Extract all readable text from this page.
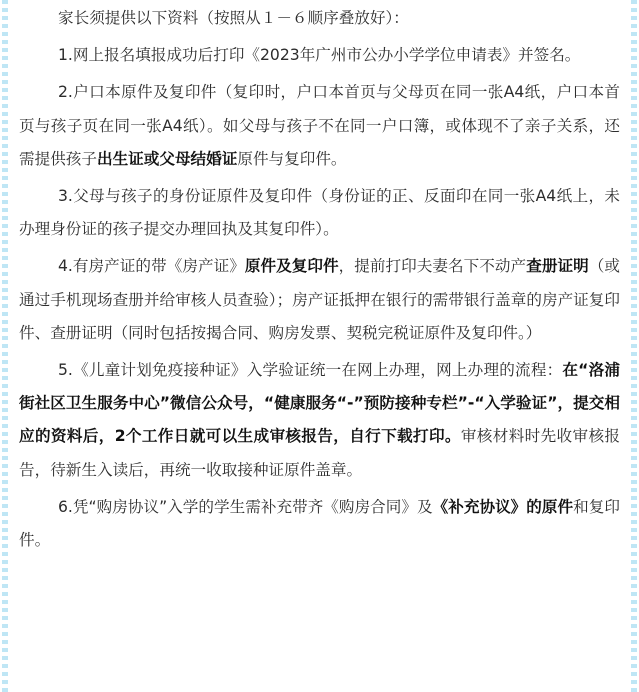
家长须提供以下资料（按照从１－６顺序叠放好）：

1.网上报名填报成功后打印《2023年广州市公办小学学位申请表》并签名。

2.户口本原件及复印件（复印时，户口本首页与父母页在同一张A4纸，户口本首页与孩子页在同一张A4纸）。如父母与孩子不在同一户口簿，或体现不了亲子关系，还需提供孩子出生证或父母结婚证原件与复印件。

3.父母与孩子的身份证原件及复印件（身份证的正、反面印在同一张A4纸上，未办理身份证的孩子提交办理回执及其复印件）。

4.有房产证的带《房产证》原件及复印件，提前打印夫妻名下不动产查册证明（或通过手机现场查册并给审核人员查验）；房产证抵押在银行的需带银行盖章的房产证复印件、查册证明（同时包括按揭合同、购房发票、契税完税证原件及复印件。）

5.《儿童计划免疫接种证》入学验证统一在网上办理，网上办理的流程：在“洛浦街社区卫生服务中心”微信公众号，“健康服务“-”预防接种专栏”-“入学验证”，提交相应的资料后，2个工作日就可以生成审核报告，自行下载打印。审核材料时先收审核报告，待新生入读后，再统一收取接种证原件盖章。

6.凭“购房协议”入学的学生需补充带齐《购房合同》及《补充协议》的原件和复印件。
